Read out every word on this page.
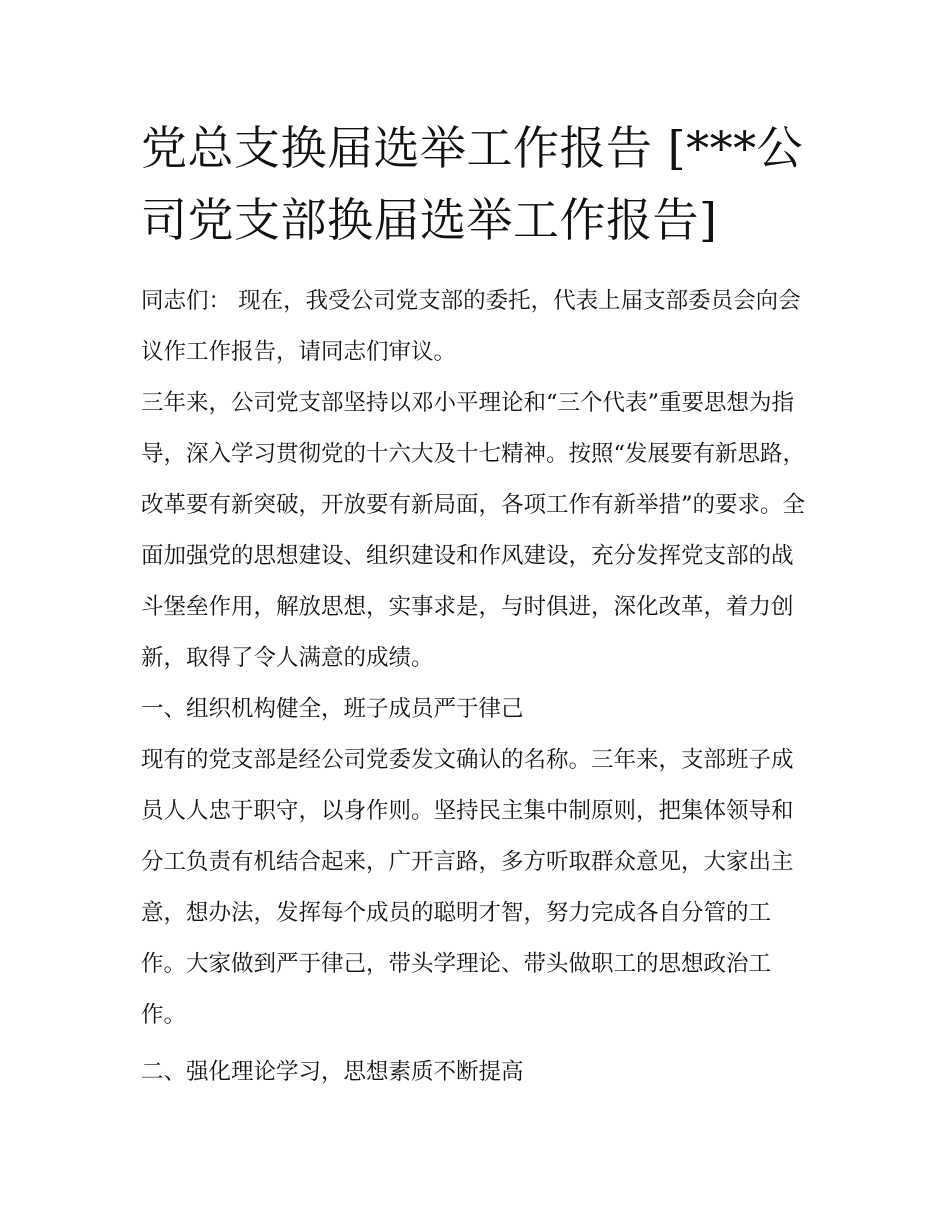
党总支换届选举工作报告 [***公司党支部换届选举工作报告]

同志们： 现在，我受公司党支部的委托，代表上届支部委员会向会议作工作报告，请同志们审议。

三年来，公司党支部坚持以邓小平理论和“三个代表”重要思想为指导，深入学习贯彻党的十六大及十七精神。按照“发展要有新思路，改革要有新突破，开放要有新局面，各项工作有新举措”的要求。全面加强党的思想建设、组织建设和作风建设，充分发挥党支部的战斗堡垒作用，解放思想，实事求是，与时俱进，深化改革，着力创新，取得了令人满意的成绩。

一、组织机构健全，班子成员严于律己

现有的党支部是经公司党委发文确认的名称。三年来，支部班子成员人人忠于职守，以身作则。坚持民主集中制原则，把集体领导和分工负责有机结合起来，广开言路，多方听取群众意见，大家出主意，想办法，发挥每个成员的聪明才智，努力完成各自分管的工作。大家做到严于律己，带头学理论、带头做职工的思想政治工作。

二、强化理论学习，思想素质不断提高
